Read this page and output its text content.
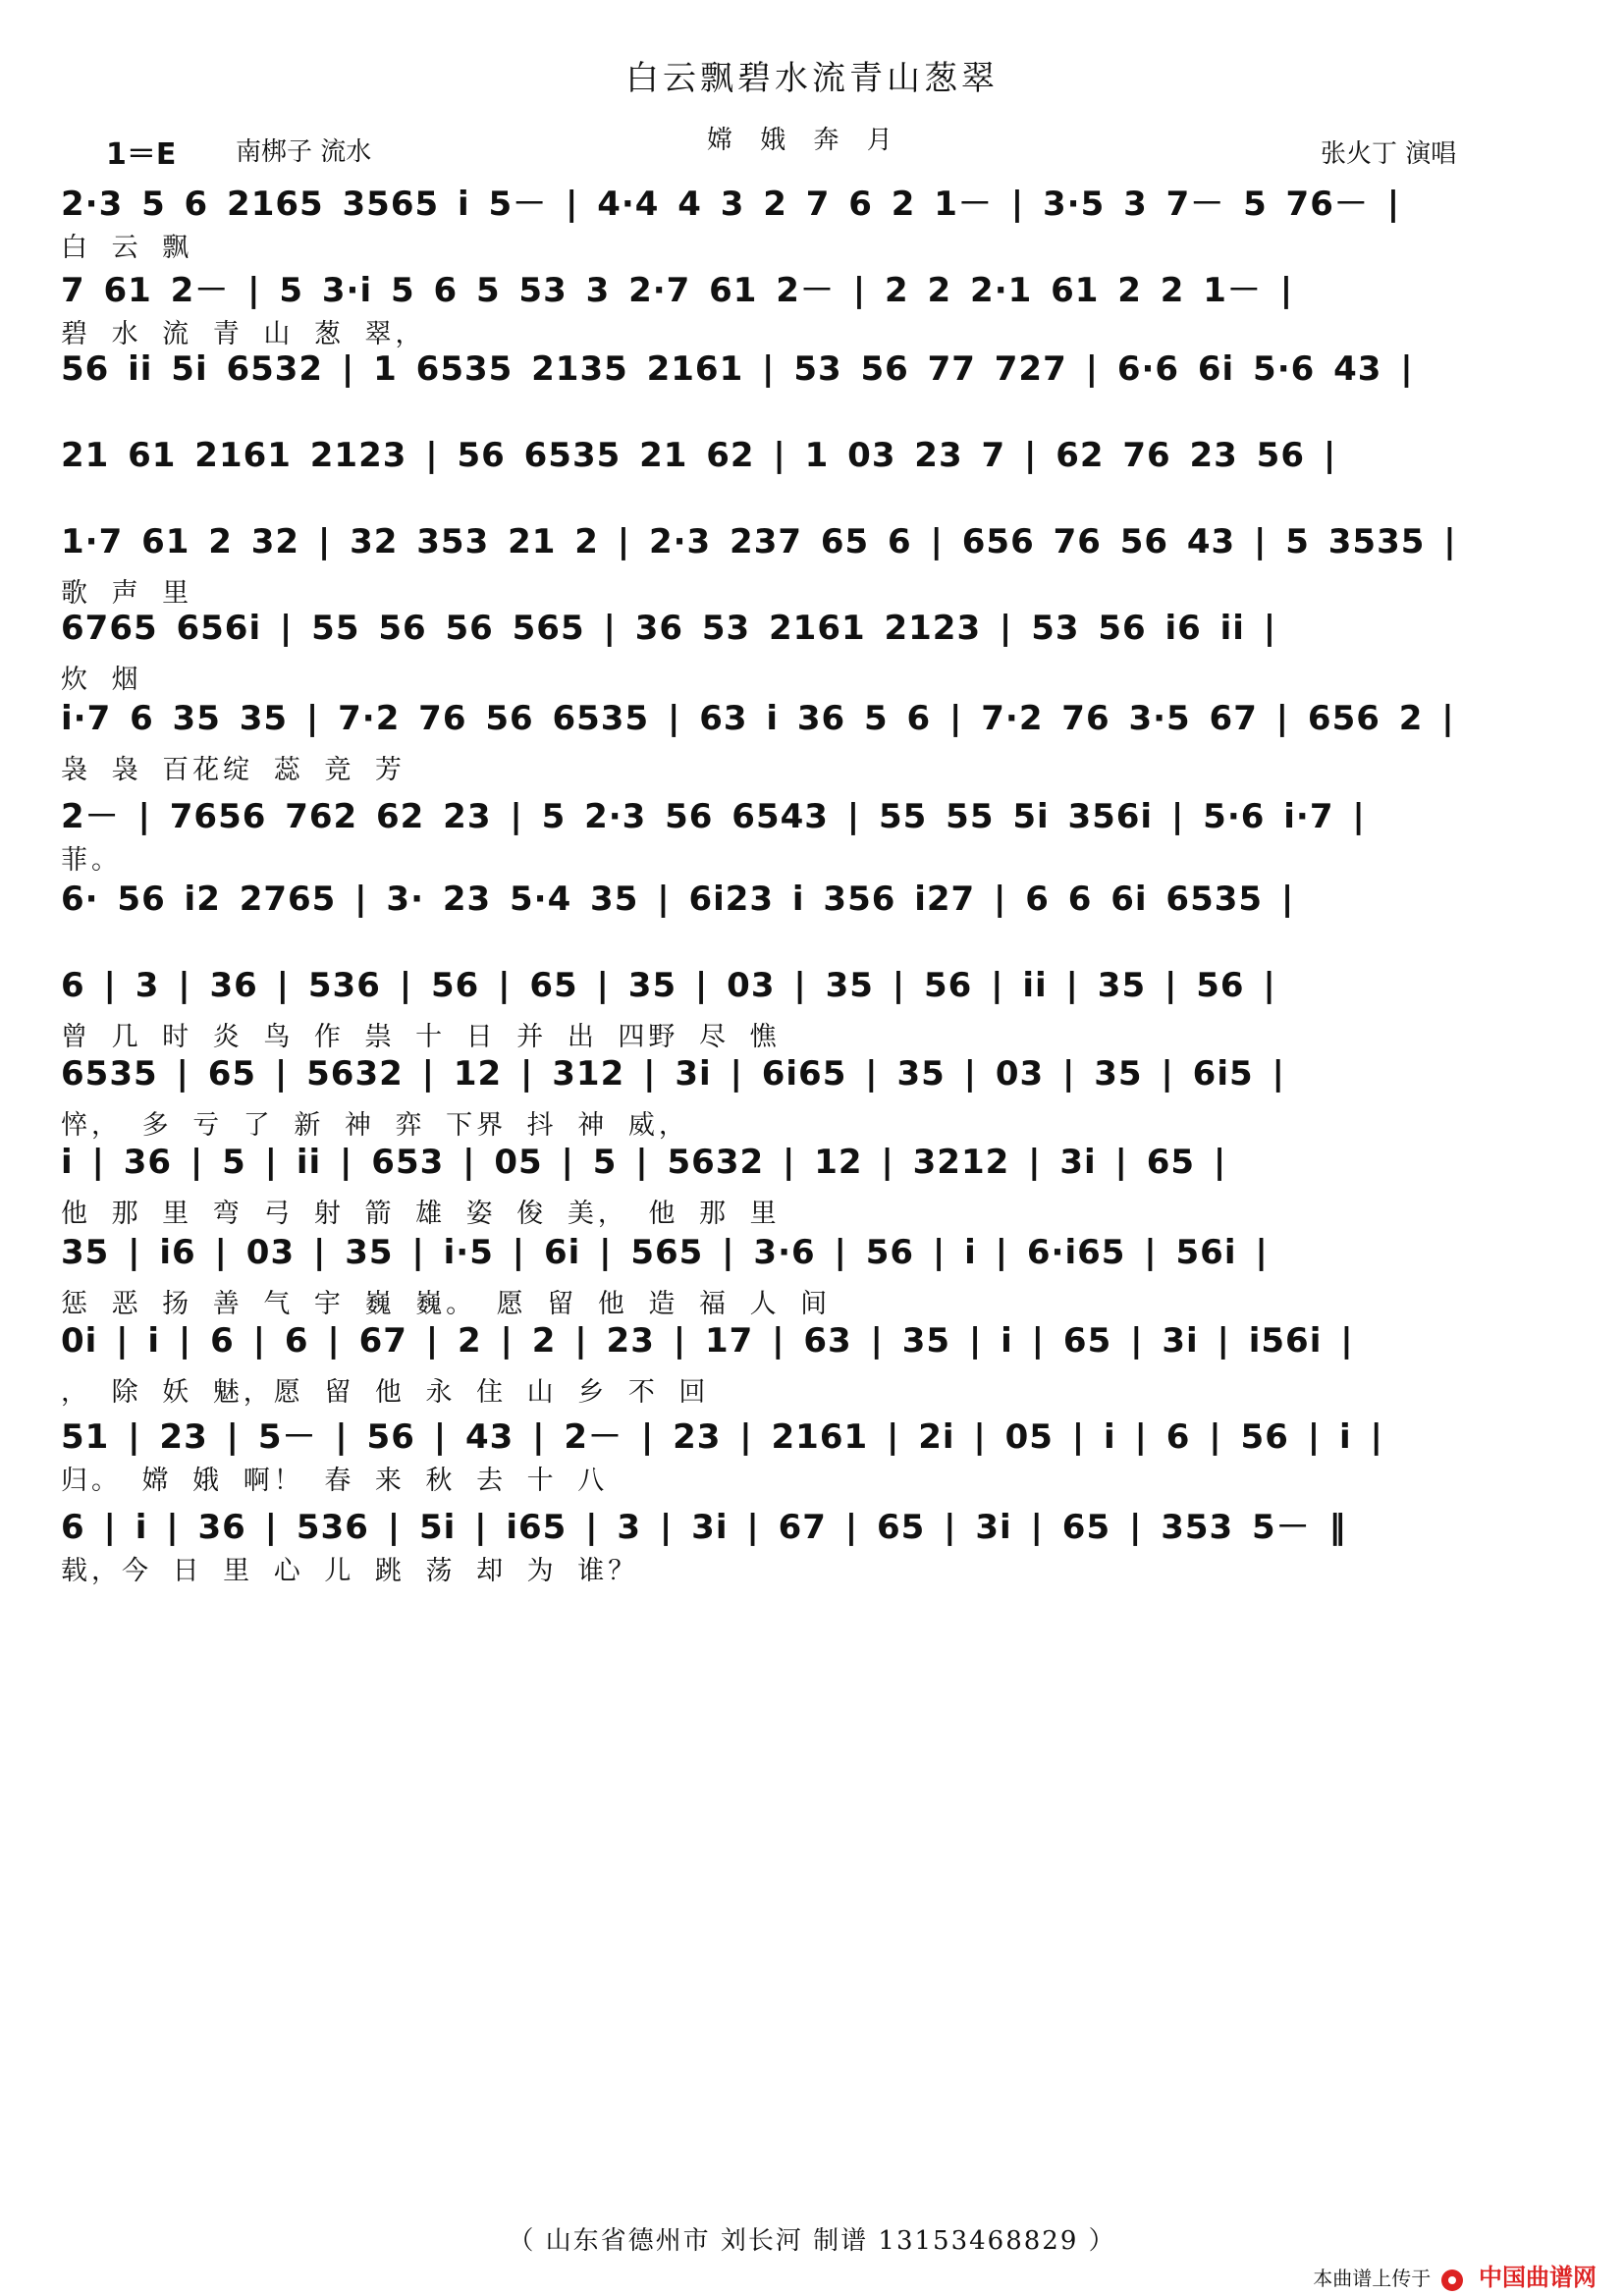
白云飘碧水流青山葱翠
1＝E 南梆子 流水	嫦 娥 奔 月	张火丁 演唱
2·3 5 6 2165 3565 i 5－ | 4·4 4 3 2 7 6 2 1－ | 3·5 3 7－ 5 76－ |
白 云 飘
7 61 2－ | 5 3·i 5 6 5 53 3 2·7 61 2－ | 2 2 2·1 61 2 2 1－ |
碧 水 流 青 山 葱 翠，
56 ii 5i 6532 | 1 6535 2135 2161 | 53 56 77 727 | 6·6 6i 5·6 43 |
21 61 2161 2123 | 56 6535 21 62 | 1 03 23 7 | 62 76 23 56 |
1·7 61 2 32 | 32 353 21 2 | 2·3 237 65 6 | 656 76 56 43 | 5 3535 |
歌 声 里
6765 656i | 55 56 56 565 | 36 53 2161 2123 | 53 56 i6 ii |
炊 烟
i·7 6 35 35 | 7·2 76 56 6535 | 63 i 36 5 6 | 7·2 76 3·5 67 | 656 2 |
袅 袅 百花绽 蕊 竞 芳
2－ | 7656 762 62 23 | 5 2·3 56 6543 | 55 55 5i 356i | 5·6 i·7 |
菲。
6· 56 i2 2765 | 3· 23 5·4 35 | 6i23 i 356 i27 | 6 6 6i 6535 |
6 | 3 | 36 | 536 | 56 | 65 | 35 | 03 | 35 | 56 | ii | 35 | 56 |
曾 几 时 炎 鸟 作 祟 十 日 并 出 四野 尽 憔
6535 | 65 | 5632 | 12 | 312 | 3i | 6i65 | 35 | 03 | 35 | 6i5 |
悴， 多 亏 了 新 神 弈 下界 抖 神 威，
i | 36 | 5 | ii | 653 | 05 | 5 | 5632 | 12 | 3212 | 3i | 65 |
他 那 里 弯 弓 射 箭 雄 姿 俊 美， 他 那 里
35 | i6 | 03 | 35 | i·5 | 6i | 565 | 3·6 | 56 | i | 6·i65 | 56i |
惩 恶 扬 善 气 宇 巍 巍。 愿 留 他 造 福 人 间
0i | i | 6 | 6 | 67 | 2 | 2 | 23 | 17 | 63 | 35 | i | 65 | 3i | i56i |
， 除 妖 魅，愿 留 他 永 住 山 乡 不 回
51 | 23 | 5－ | 56 | 43 | 2－ | 23 | 2161 | 2i | 05 | i | 6 | 56 | i |
归。 嫦 娥 啊！ 春 来 秋 去 十 八
6 | i | 36 | 536 | 5i | i65 | 3 | 3i | 67 | 65 | 3i | 65 | 353 5－ ‖
载，今 日 里 心 儿 跳 荡 却 为 谁？
（ 山东省德州市 刘长河 制谱 13153468829 ）
本曲谱上传于 中国曲谱网
